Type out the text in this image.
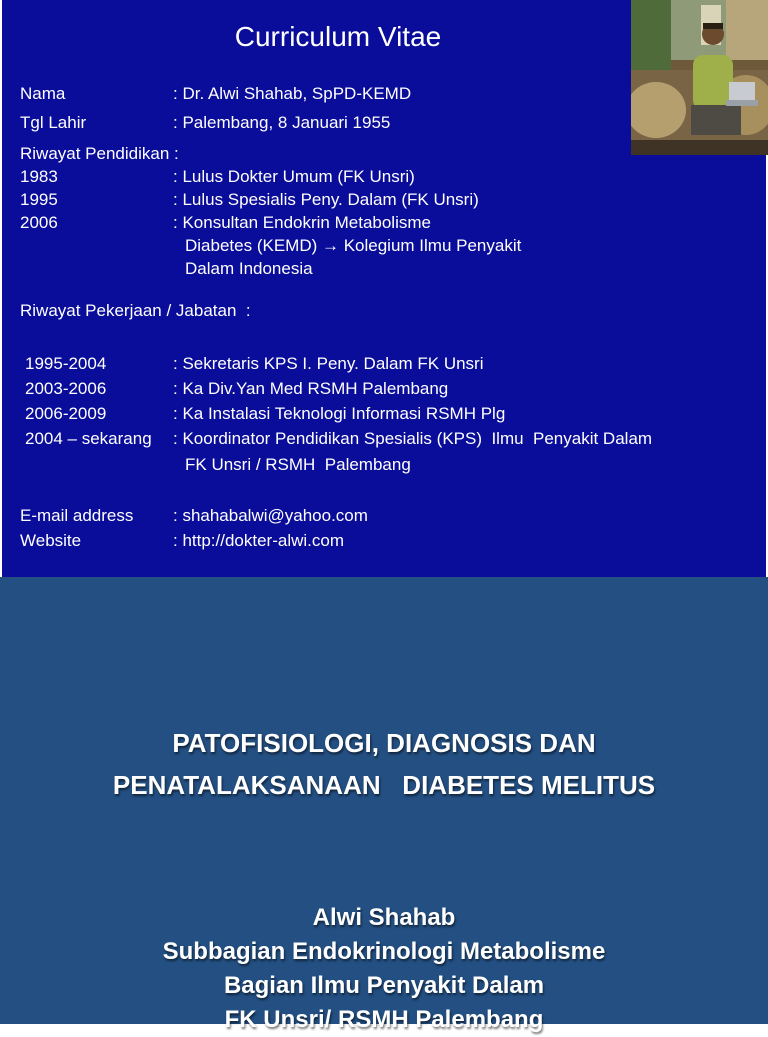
Curriculum Vitae
Nama	: Dr. Alwi Shahab, SpPD-KEMD
Tgl Lahir	: Palembang, 8 Januari 1955
Riwayat Pendidikan :
1983	: Lulus Dokter Umum (FK Unsri)
1995	: Lulus Spesialis Peny. Dalam (FK Unsri)
2006	: Konsultan Endokrin Metabolisme
Diabetes (KEMD) → Kolegium Ilmu Penyakit
Dalam Indonesia
Riwayat Pekerjaan / Jabatan  :
1995-2004	: Sekretaris KPS I. Peny. Dalam FK Unsri
2003-2006	: Ka Div.Yan Med RSMH Palembang
2006-2009	: Ka Instalasi Teknologi Informasi RSMH Plg
2004 – sekarang : Koordinator Pendidikan Spesialis (KPS)  Ilmu  Penyakit Dalam
FK Unsri / RSMH  Palembang
E-mail address : shahabalwi@yahoo.com
Website	: http://dokter-alwi.com
PATOFISIOLOGI, DIAGNOSIS DAN
PENATALAKSANAAN   DIABETES MELITUS
Alwi Shahab
Subbagian Endokrinologi Metabolisme
Bagian Ilmu Penyakit Dalam
FK Unsri/ RSMH Palembang
